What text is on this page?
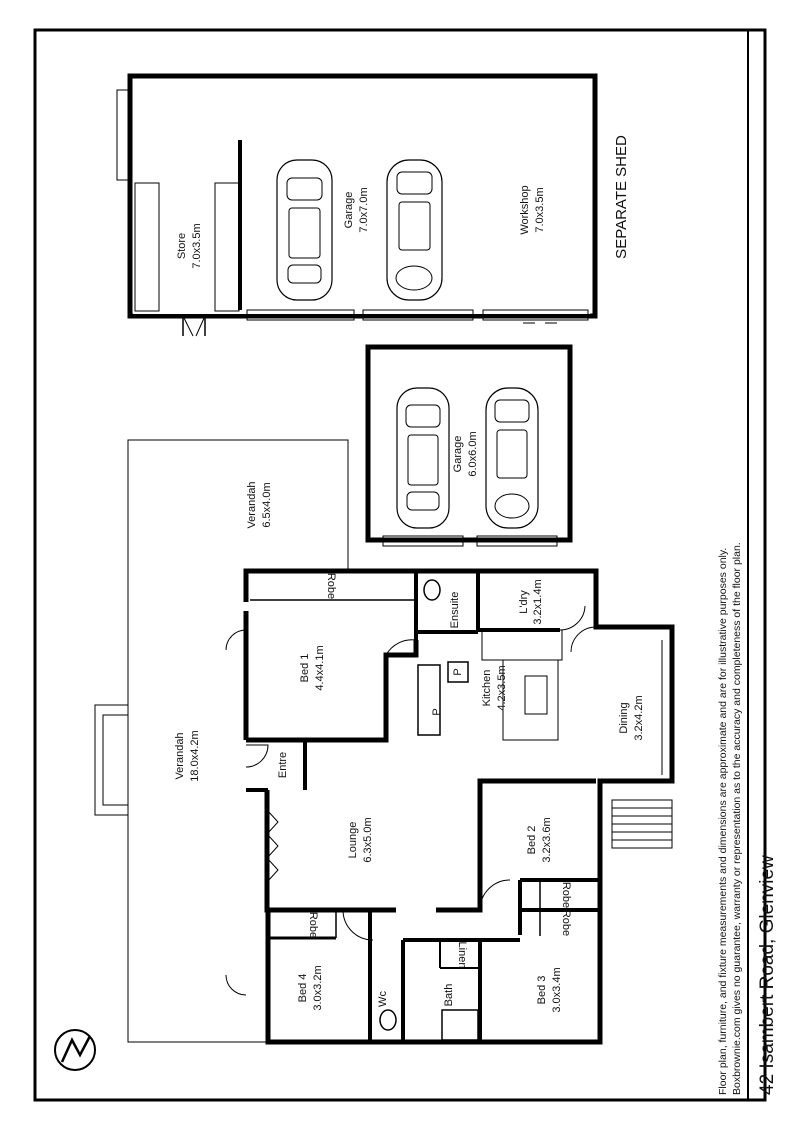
SEPARATE SHED
Store 7.0x3.5m
Garage 7.0x7.0m	Workshop 7.0x3.5m
Garage 6.0x6.0m
Verandah 6.5x4.0m
Robe
Ensuite	L'dry 3.2x1.4m
Bed 1 4.4x4.1m	Kitchen 4.2x3.5m
P
P	Dining 3.2x4.2m
Verandah 18.0x4.2m	Entre
Lounge 6.3x5.0m	Bed 2 3.2x3.6m
Robe
Robe
Bed 4 3.0x3.2m
Robe
Linen
Bath
Wc	Bed 3 3.0x3.4m	Floor plan, furniture, and fixture measurements and dimensions are approximate and are for illustrative purposes only. Boxbrownie.com gives no guarantee, warranty or representation as to the accuracy and completeness of the floor plan. 42 Isambert Road, Glenview
